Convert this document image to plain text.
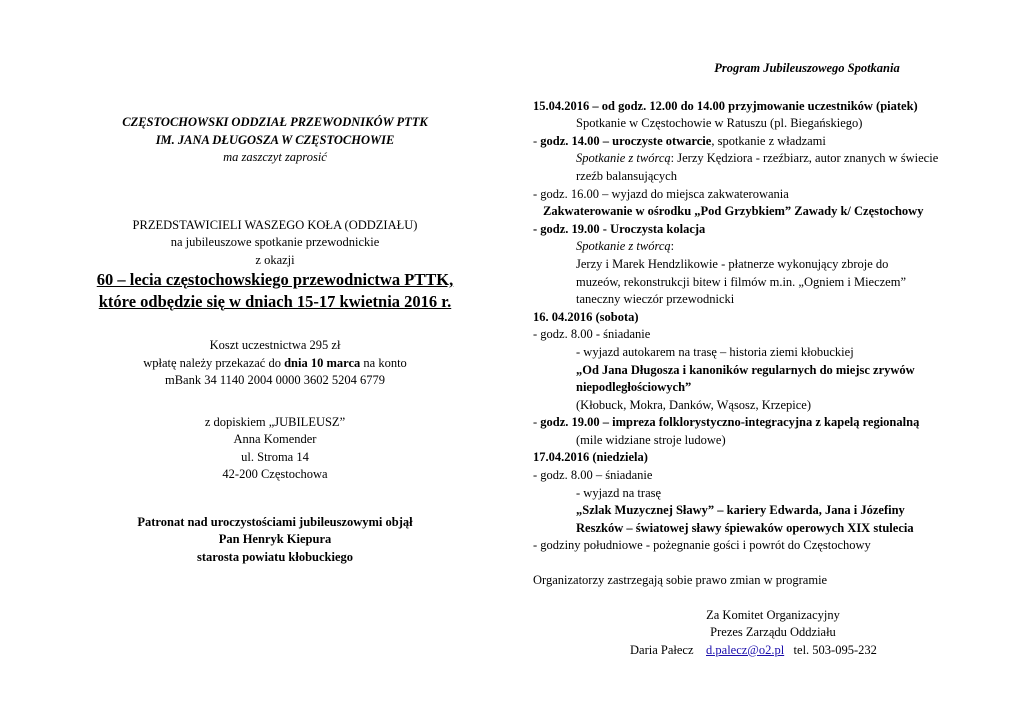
CZĘSTOCHOWSKI ODDZIAŁ PRZEWODNIKÓW PTTK
IM. JANA DŁUGOSZA W CZĘSTOCHOWIE
ma zaszczyt zaprosić
PRZEDSTAWICIELI WASZEGO KOŁA (ODDZIAŁU)
na jubileuszowe spotkanie przewodnickie
z okazji
60 – lecia częstochowskiego przewodnictwa PTTK,
które odbędzie się w dniach 15-17 kwietnia 2016 r.
Koszt uczestnictwa 295 zł
wpłatę należy przekazać do dnia 10 marca na konto
mBank 34 1140 2004 0000 3602 5204 6779
z dopiskiem „JUBILEUSZ”
Anna Komender
ul. Stroma 14
42-200 Częstochowa
Patronat nad uroczystościami jubileuszowymi objął
Pan Henryk Kiepura
starosta powiatu kłobuckiego
Program Jubileuszowego Spotkania
15.04.2016 – od godz. 12.00 do 14.00 przyjmowanie uczestników (piatek)
Spotkanie w Częstochowie w Ratuszu (pl. Biegańskiego)
- godz. 14.00 – uroczyste otwarcie, spotkanie z władzami
Spotkanie z twórcą: Jerzy Kędziora - rzeźbiarz, autor znanych w świecie
rzeźb balansujących
- godz. 16.00 – wyjazd do miejsca zakwaterowania
Zakwaterowanie w ośrodku „Pod Grzybkiem” Zawady k/ Częstochowy
- godz. 19.00 - Uroczysta kolacja
Spotkanie z twórcą:
Jerzy i Marek Hendzlikowie - płatnerze wykonujący zbroje do
muzeów, rekonstrukcji bitew i filmów m.in. „Ogniem i Mieczem”
taneczny wieczór przewodnicki
16. 04.2016 (sobota)
- godz. 8.00 - śniadanie
- wyjazd autokarem na trasę – historia ziemi kłobuckiej
„Od Jana Długosza i kanoników regularnych do miejsc zrywów
niepodległościowych”
(Kłobuck, Mokra, Danków, Wąsosz, Krzepice)
- godz. 19.00 – impreza folklorystyczno-integracyjna z kapelą regionalną
(mile widziane stroje ludowe)
17.04.2016 (niedziela)
- godz. 8.00 – śniadanie
- wyjazd na trasę
„Szlak Muzycznej Sławy” – kariery Edwarda, Jana i Józefiny
Reszków – światowej sławy śpiewaków operowych XIX stulecia
- godziny południowe - pożegnanie gości i powrót do Częstochowy
Organizatorzy zastrzegają sobie prawo zmian w programie
Za Komitet Organizacyjny
Prezes Zarządu Oddziału
Daria Pałecz d.palecz@o2.pl tel. 503-095-232
